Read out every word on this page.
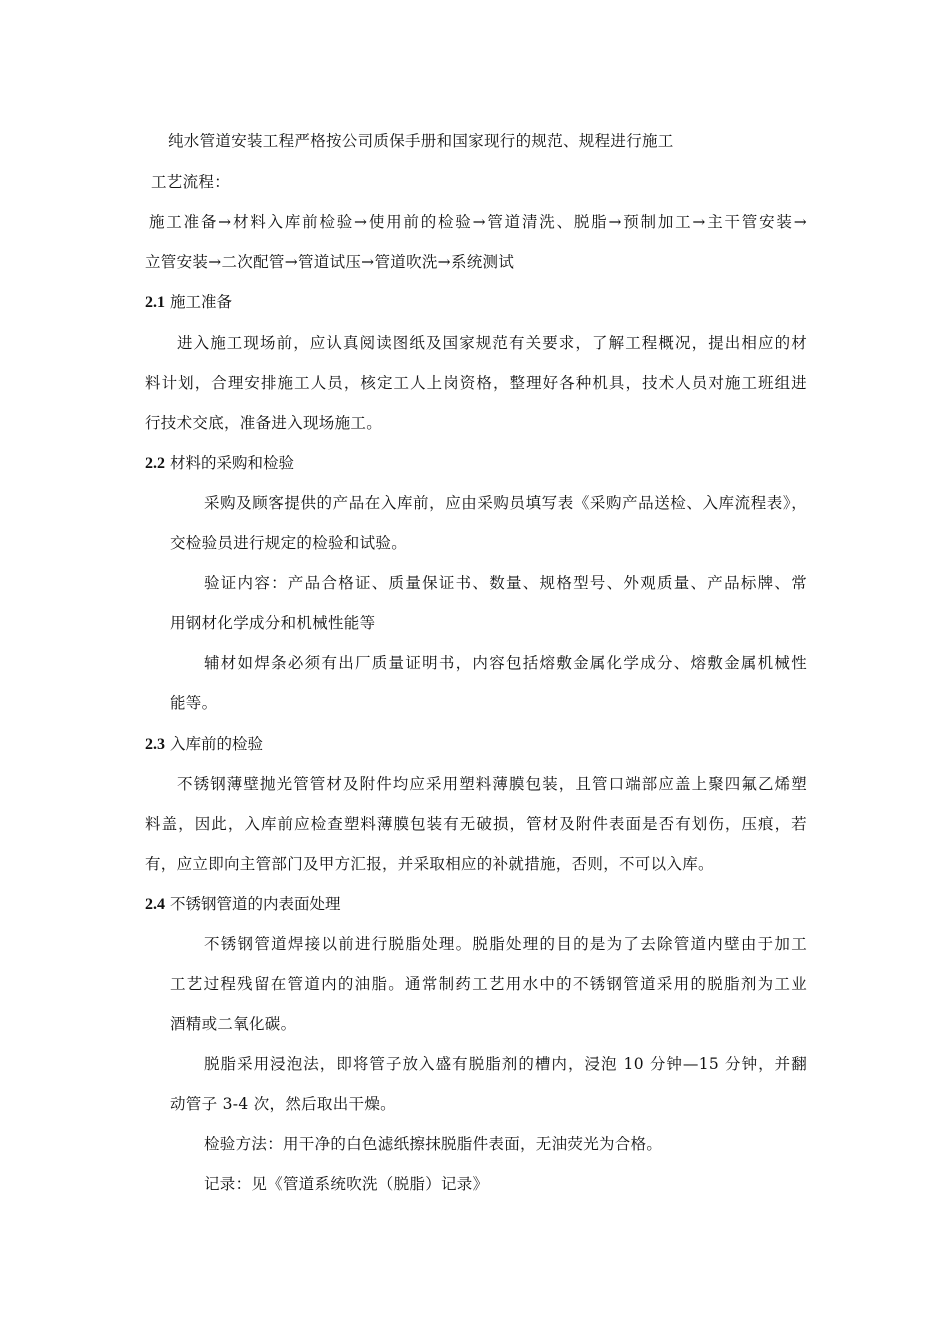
纯水管道安装工程严格按公司质保手册和国家现行的规范、规程进行施工
工艺流程：
施工准备→材料入库前检验→使用前的检验→管道清洗、脱脂→预制加工→主干管安装→
立管安装→二次配管→管道试压→管道吹洗→系统测试
2.1 施工准备
进入施工现场前，应认真阅读图纸及国家规范有关要求，了解工程概况，提出相应的材
料计划，合理安排施工人员，核定工人上岗资格，整理好各种机具，技术人员对施工班组进
行技术交底，准备进入现场施工。
2.2 材料的采购和检验
采购及顾客提供的产品在入库前，应由采购员填写表《采购产品送检、入库流程表》，
交检验员进行规定的检验和试验。
验证内容：产品合格证、质量保证书、数量、规格型号、外观质量、产品标牌、常
用钢材化学成分和机械性能等
辅材如焊条必须有出厂质量证明书，内容包括熔敷金属化学成分、熔敷金属机械性
能等。
2.3 入库前的检验
不锈钢薄壁抛光管管材及附件均应采用塑料薄膜包装，且管口端部应盖上聚四氟乙烯塑
料盖，因此，入库前应检查塑料薄膜包装有无破损，管材及附件表面是否有划伤，压痕，若
有，应立即向主管部门及甲方汇报，并采取相应的补就措施，否则，不可以入库。
2.4 不锈钢管道的内表面处理
不锈钢管道焊接以前进行脱脂处理。脱脂处理的目的是为了去除管道内壁由于加工
工艺过程残留在管道内的油脂。通常制药工艺用水中的不锈钢管道采用的脱脂剂为工业
酒精或二氧化碳。
脱脂采用浸泡法，即将管子放入盛有脱脂剂的槽内，浸泡 10 分钟—15 分钟，并翻
动管子 3-4 次，然后取出干燥。
检验方法：用干净的白色滤纸擦抹脱脂件表面，无油荧光为合格。
记录：见《管道系统吹洗（脱脂）记录》
